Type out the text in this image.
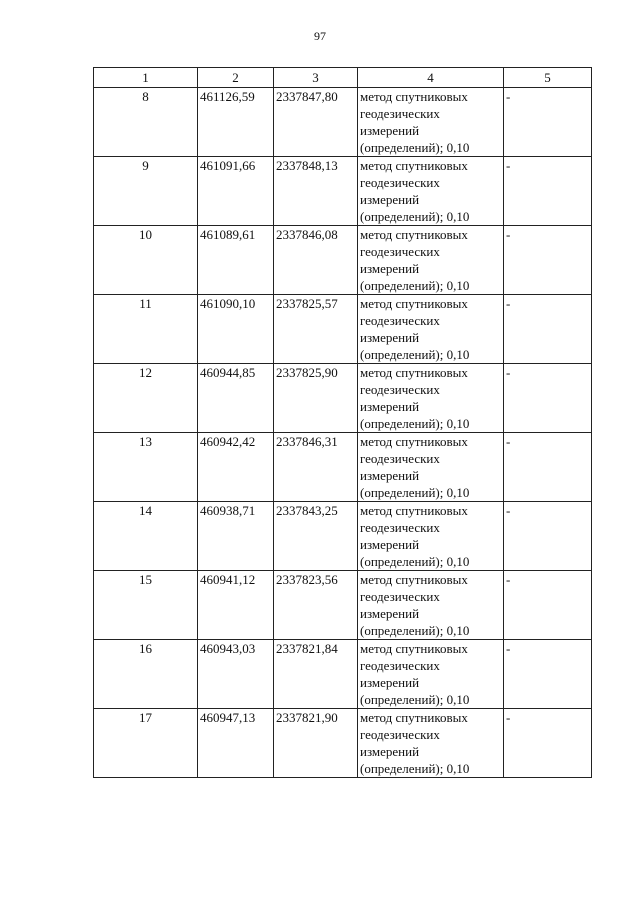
97
1	2	3	4	5
8	461126,59	2337847,80	метод спутниковых
геодезических
измерений
(определений); 0,10	-
9	461091,66	2337848,13	метод спутниковых
геодезических
измерений
(определений); 0,10	-
10	461089,61	2337846,08	метод спутниковых
геодезических
измерений
(определений); 0,10	-
11	461090,10	2337825,57	метод спутниковых
геодезических
измерений
(определений); 0,10	-
12	460944,85	2337825,90	метод спутниковых
геодезических
измерений
(определений); 0,10	-
13	460942,42	2337846,31	метод спутниковых
геодезических
измерений
(определений); 0,10	-
14	460938,71	2337843,25	метод спутниковых
геодезических
измерений
(определений); 0,10	-
15	460941,12	2337823,56	метод спутниковых
геодезических
измерений
(определений); 0,10	-
16	460943,03	2337821,84	метод спутниковых
геодезических
измерений
(определений); 0,10	-
17	460947,13	2337821,90	метод спутниковых
геодезических
измерений
(определений); 0,10	-
